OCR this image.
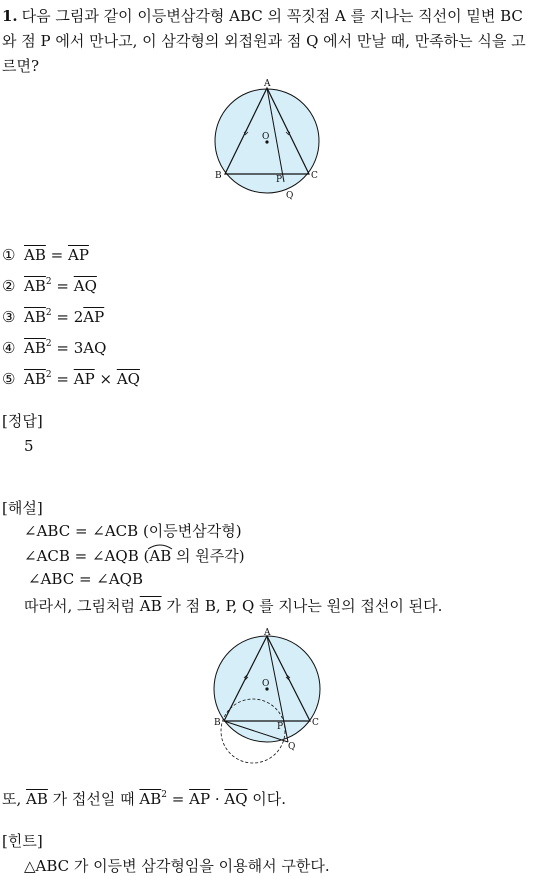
1. 다음 그림과 같이 이등변삼각형 ABC 의 꼭짓점 A 를 지나는 직선이 밑변 BC 와 점 P 에서 만나고, 이 삼각형의 외접원과 점 Q 에서 만날 때, 만족하는 식을 고르면?
A
O
B	C
P
Q
① $\overline{AB} = \overline{AP}$
② $\overline{AB}^2 = \overline{AQ}$
③ $\overline{AB}^2 = 2\overline{AP}$
④ $\overline{AB}^2 = 3AQ$
⑤ $\overline{AB}^2 = \overline{AP} \times \overline{AQ}$
[정답]
5
[해설]
∠ABC = ∠ACB (이등변삼각형)
∠ACB = ∠AQB (
AB 의 원주각)
∠ABC = ∠AQB
따라서, 그림처럼 $\overline{AB}$ 가 점 B, P, Q 를 지나는 원의 접선이 된다.
A
O
B	C
P
Q
또, $\overline{AB}$ 가 접선일 때 $\overline{AB}^2 = \overline{AP} \cdot \overline{AQ}$ 이다.
[힌트]
△ABC 가 이등변 삼각형임을 이용해서 구한다.
